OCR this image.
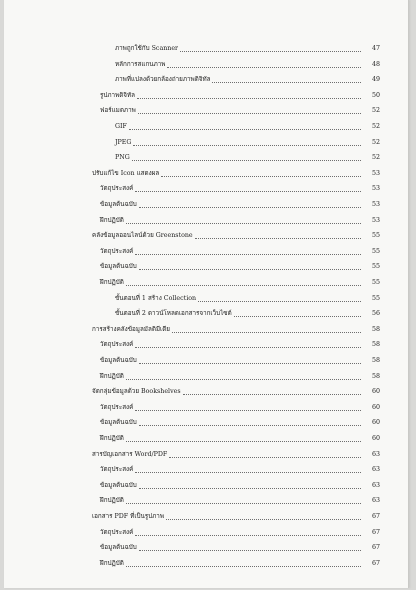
ภาพถูกใช้กับ Scanner	47
หลักการสแกนภาพ	48
ภาพที่แปลงด้วยกล้องถ่ายภาพดิจิทัล	49
รูปภาพดิจิทัล	50
ฟอร์แมตภาพ	52
GIF	52
JPEG	52
PNG	52
ปรับแก้ไข Icon แสดงผล	53
วัตถุประสงค์	53
ข้อมูลต้นฉบับ	53
ฝึกปฏิบัติ	53
คลังข้อมูลออนไลน์ด้วย Greenstone	55
วัตถุประสงค์	55
ข้อมูลต้นฉบับ	55
ฝึกปฏิบัติ	55
ขั้นตอนที่ 1 สร้าง Collection	55
ขั้นตอนที่ 2 ดาวน์โหลดเอกสารจากเว็บไซต์	56
การสร้างคลังข้อมูลมัลติมีเดีย	58
วัตถุประสงค์	58
ข้อมูลต้นฉบับ	58
ฝึกปฏิบัติ	58
จัดกลุ่มข้อมูลด้วย Bookshelves	60
วัตถุประสงค์	60
ข้อมูลต้นฉบับ	60
ฝึกปฏิบัติ	60
สารบัญเอกสาร Word/PDF	63
วัตถุประสงค์	63
ข้อมูลต้นฉบับ	63
ฝึกปฏิบัติ	63
เอกสาร PDF ที่เป็นรูปภาพ	67
วัตถุประสงค์	67
ข้อมูลต้นฉบับ	67
ฝึกปฏิบัติ	67
